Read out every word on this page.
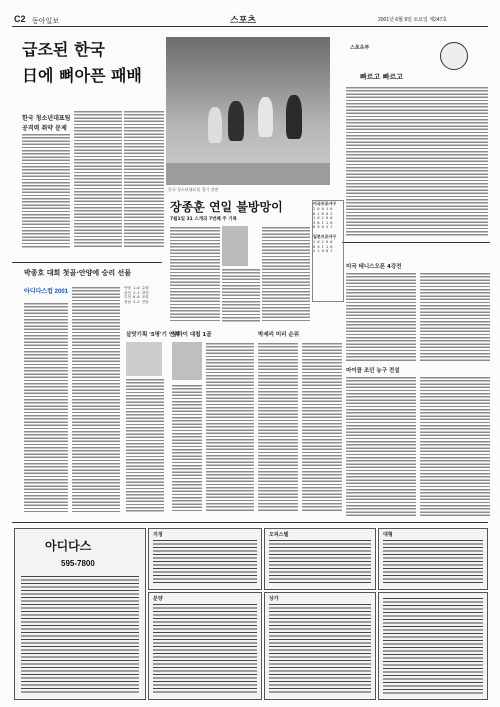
C2 동아일보	스포츠	2001년 6월 9일 토요일 제247호
급조된 한국
日에 뼈아픈 패배
한국 청소년대표팀
공격력 취약 문제
한국 청소년대표팀 경기 장면
스포츠부
빠르고 빠르고
장종훈 연일 불방망이
7월1일 31 스개의 7번째 주 기록
미국프로야구
2 0 0 1 0
0 1 0 0 2
1 0 2 0 0
3 0 1 1 0
0 0 0 2 1
일본프로야구
1 0 2 0 0
0 0 1 1 0
2 1 0 0 1
미국 테니스오픈 4강전
마이클 조던 농구 전설
박종호 대회 첫골·안양에 승리 선물
아디다스컵 2001
안양 1-0 수원
울산 2-1 대전
부천 0-0 포항
성남 3-2 전남
살맛기획 '5명'기 연재
상하이 대첩 1골	박세리 미리 순위
아디다스
595-7800
지정	오피스텔	대형
분양	상가
